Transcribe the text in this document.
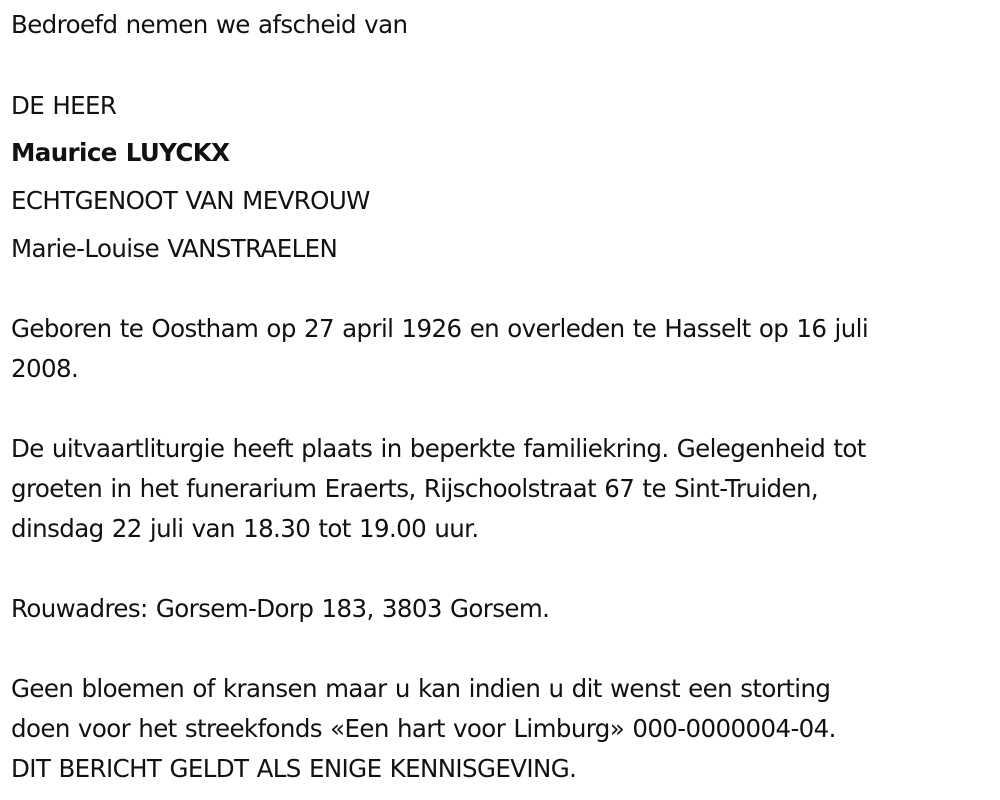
Bedroefd nemen we afscheid van
DE HEER
Maurice LUYCKX
ECHTGENOOT VAN MEVROUW
Marie-Louise VANSTRAELEN
Geboren te Oostham op 27 april 1926 en overleden te Hasselt op 16 juli
2008.
De uitvaartliturgie heeft plaats in beperkte familiekring. Gelegenheid tot
groeten in het funerarium Eraerts, Rijschoolstraat 67 te Sint-Truiden,
dinsdag 22 juli van 18.30 tot 19.00 uur.
Rouwadres: Gorsem-Dorp 183, 3803 Gorsem.
Geen bloemen of kransen maar u kan indien u dit wenst een storting
doen voor het streekfonds «Een hart voor Limburg» 000-0000004-04.
DIT BERICHT GELDT ALS ENIGE KENNISGEVING.
